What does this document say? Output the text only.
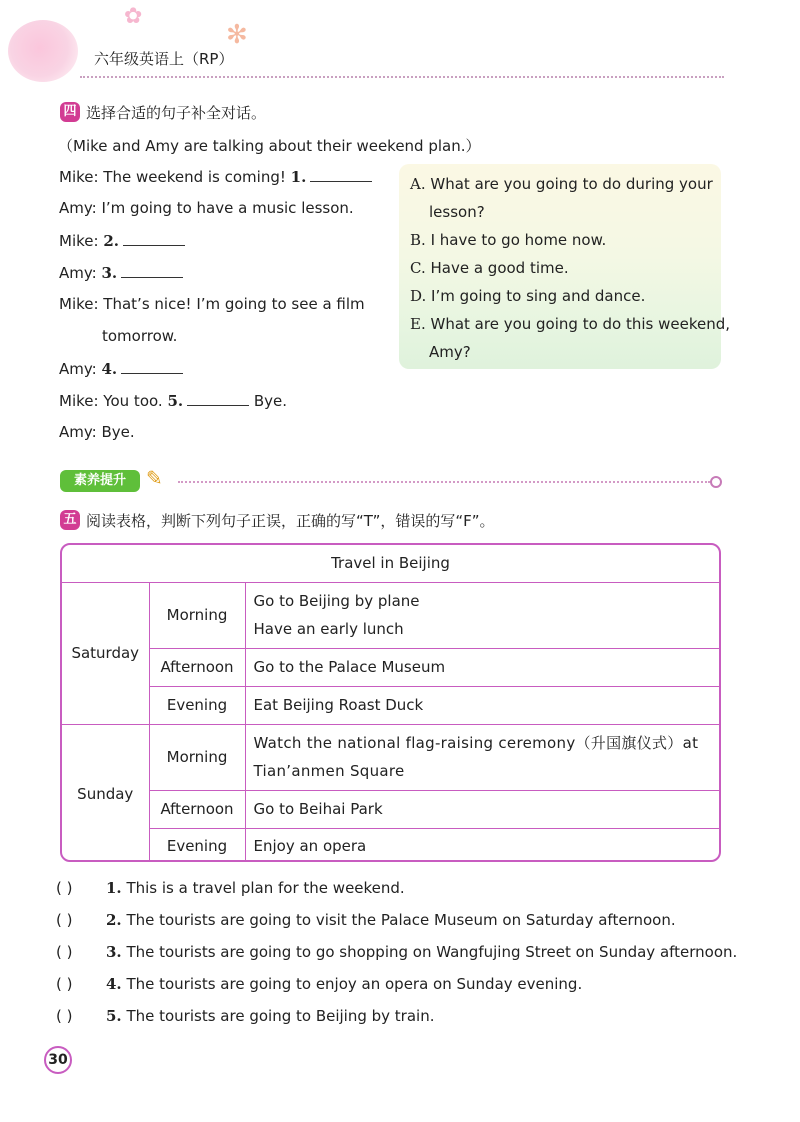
✿
✻
六年级英语上（RP）
四 选择合适的句子补全对话。
（Mike and Amy are talking about their weekend plan.）
Mike: The weekend is coming! 1.
Amy: I’m going to have a music lesson.
Mike: 2.
Amy: 3.
Mike: That’s nice! I’m going to see a film
tomorrow.
Amy: 4.
Mike: You too. 5.	Bye.
Amy: Bye.
A. What are you going to do during your
lesson?
B. I have to go home now.
C. Have a good time.
D. I’m going to sing and dance.
E. What are you going to do this weekend,
Amy?
素养提升	✎
五 阅读表格，判断下列句子正误，正确的写“T”，错误的写“F”。
Travel in Beijing		
Saturday	Morning	Go to Beijing by plane
Have an early lunch

	Afternoon	Go to the Palace Museum
	Evening	Eat Beijing Roast Duck
Sunday	Morning	Watch the national flag-raising ceremony（升国旗仪式）at
Tian’anmen Square

	Afternoon	Go to Beihai Park
	Evening	Enjoy an opera
( ) 1. This is a travel plan for the weekend.
( ) 2. The tourists are going to visit the Palace Museum on Saturday afternoon.
( ) 3. The tourists are going to go shopping on Wangfujing Street on Sunday afternoon.
( ) 4. The tourists are going to enjoy an opera on Sunday evening.
( ) 5. The tourists are going to Beijing by train.
30
